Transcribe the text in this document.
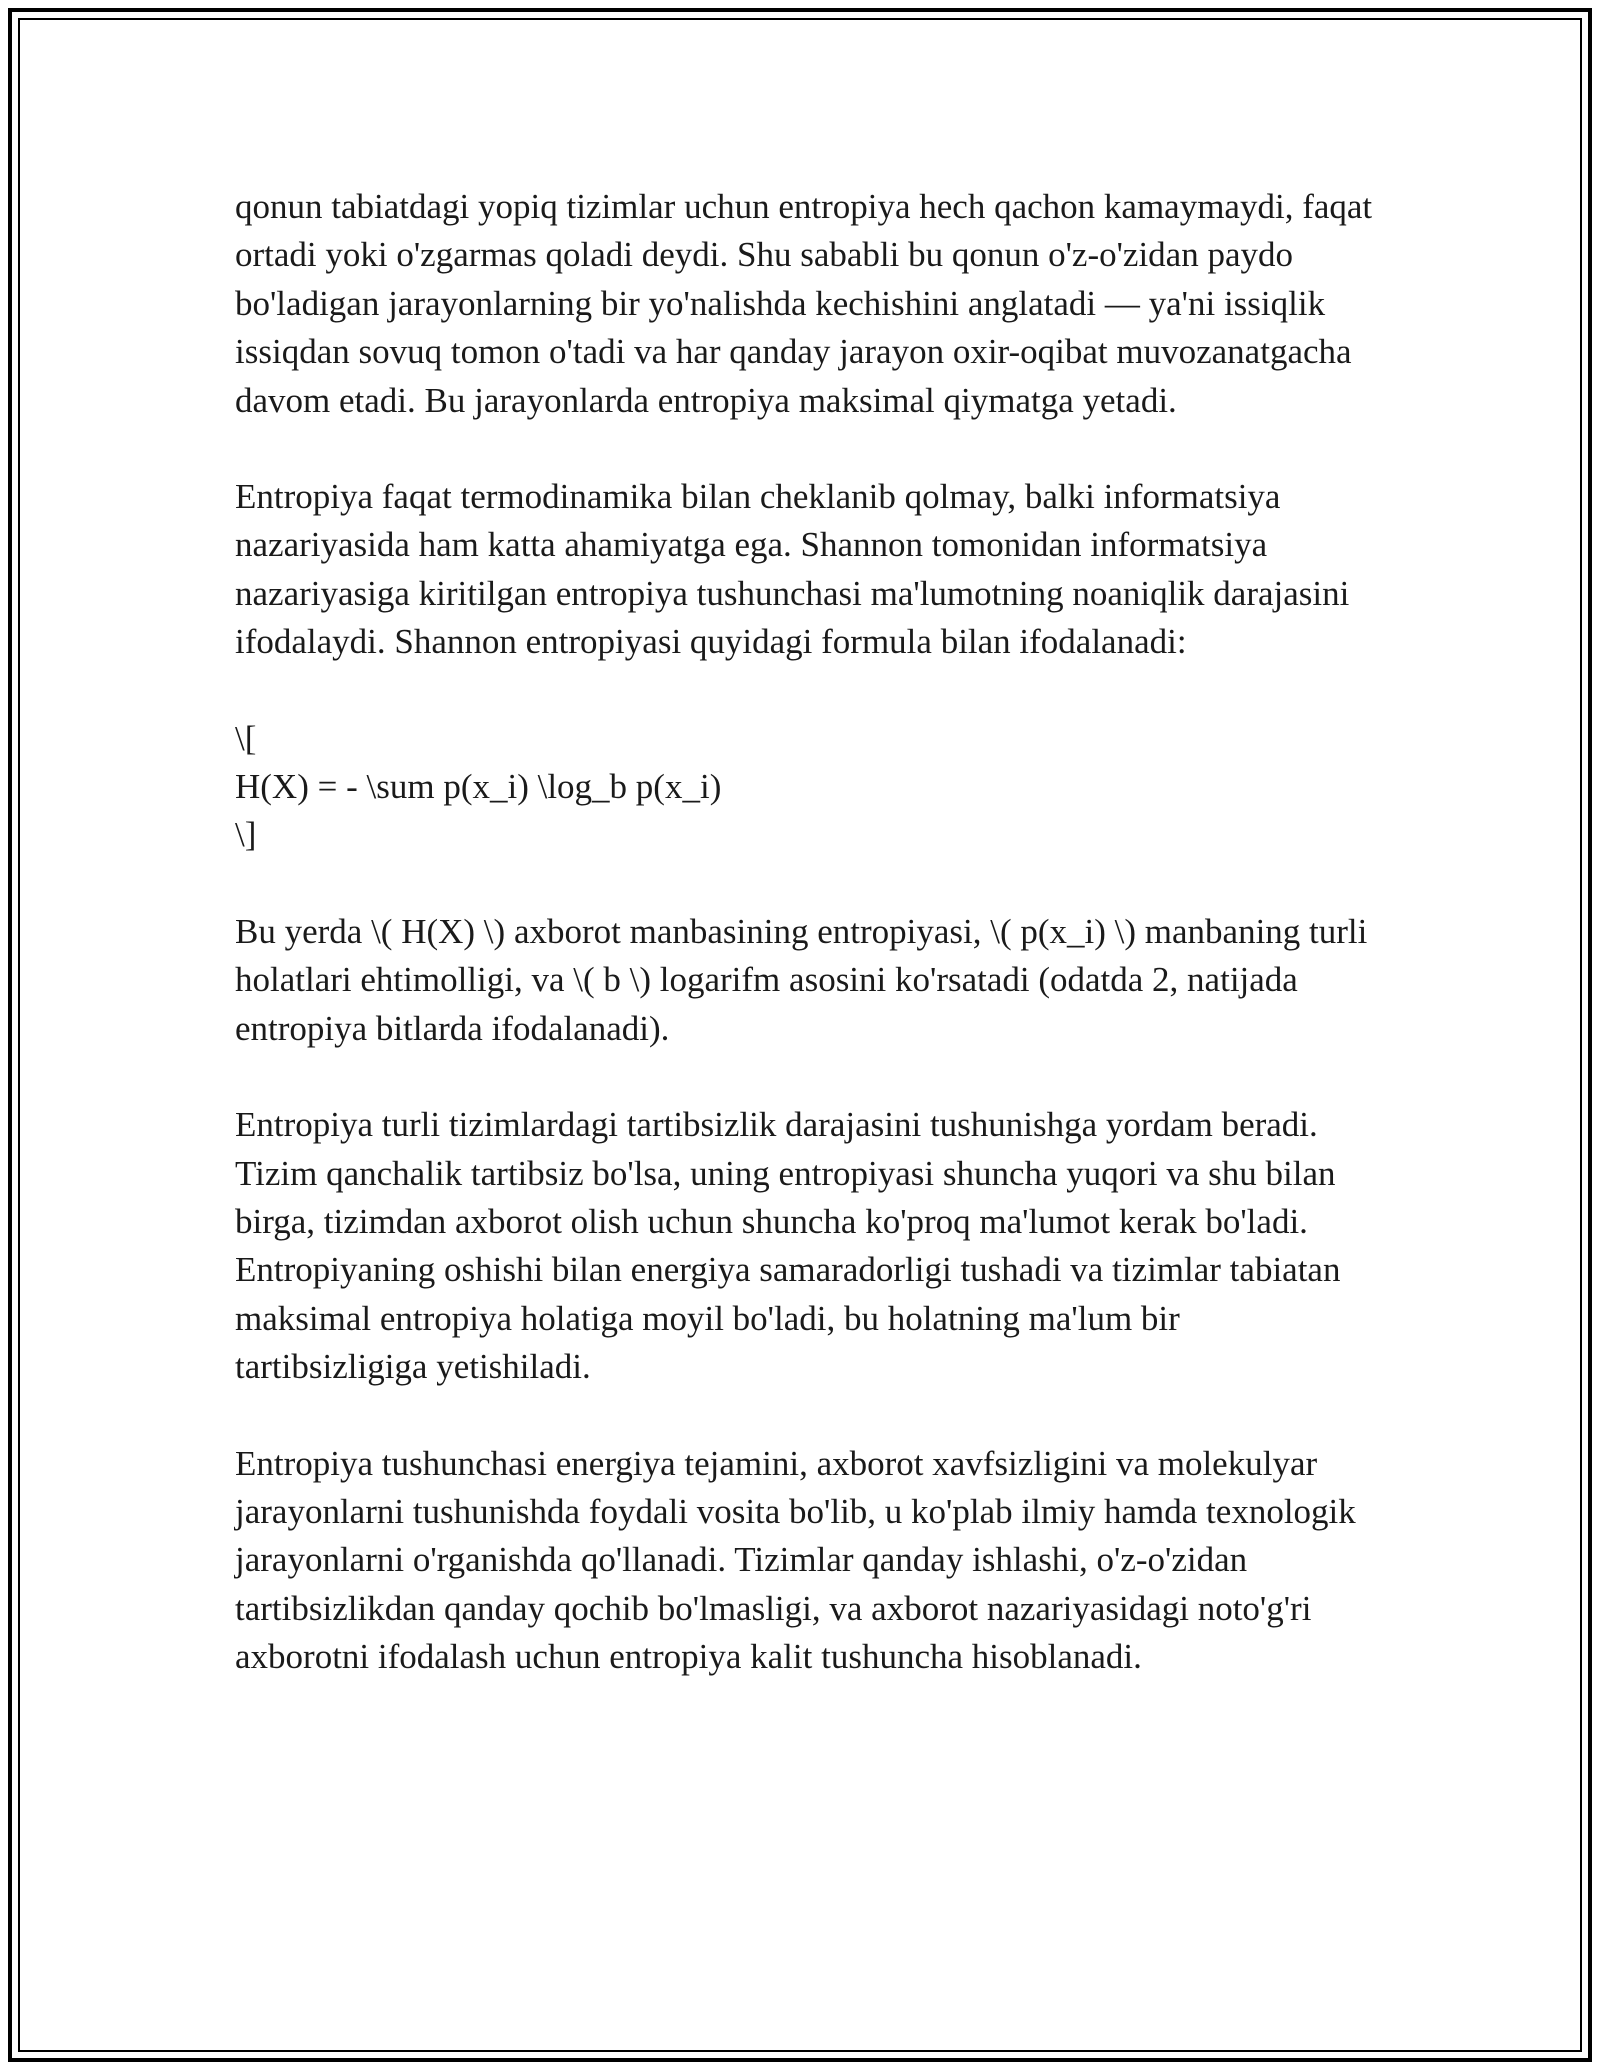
qonun tabiatdagi yopiq tizimlar uchun entropiya hech qachon kamaymaydi, faqat ortadi yoki o'zgarmas qoladi deydi. Shu sababli bu qonun o'z-o'zidan paydo bo'ladigan jarayonlarning bir yo'nalishda kechishini anglatadi — ya'ni issiqlik issiqdan sovuq tomon o'tadi va har qanday jarayon oxir-oqibat muvozanatgacha davom etadi. Bu jarayonlarda entropiya maksimal qiymatga yetadi.

Entropiya faqat termodinamika bilan cheklanib qolmay, balki informatsiya nazariyasida ham katta ahamiyatga ega. Shannon tomonidan informatsiya nazariyasiga kiritilgan entropiya tushunchasi ma'lumotning noaniqlik darajasini ifodalaydi. Shannon entropiyasi quyidagi formula bilan ifodalanadi:

\[
H(X) = - \sum p(x_i) \log_b p(x_i)
\]

Bu yerda \( H(X) \) axborot manbasining entropiyasi, \( p(x_i) \) manbaning turli holatlari ehtimolligi, va \( b \) logarifm asosini ko'rsatadi (odatda 2, natijada entropiya bitlarda ifodalanadi).

Entropiya turli tizimlardagi tartibsizlik darajasini tushunishga yordam beradi. Tizim qanchalik tartibsiz bo'lsa, uning entropiyasi shuncha yuqori va shu bilan birga, tizimdan axborot olish uchun shuncha ko'proq ma'lumot kerak bo'ladi. Entropiyaning oshishi bilan energiya samaradorligi tushadi va tizimlar tabiatan maksimal entropiya holatiga moyil bo'ladi, bu holatning ma'lum bir tartibsizligiga yetishiladi.

Entropiya tushunchasi energiya tejamini, axborot xavfsizligini va molekulyar jarayonlarni tushunishda foydali vosita bo'lib, u ko'plab ilmiy hamda texnologik jarayonlarni o'rganishda qo'llanadi. Tizimlar qanday ishlashi, o'z-o'zidan tartibsizlikdan qanday qochib bo'lmasligi, va axborot nazariyasidagi noto'g'ri axborotni ifodalash uchun entropiya kalit tushuncha hisoblanadi.
